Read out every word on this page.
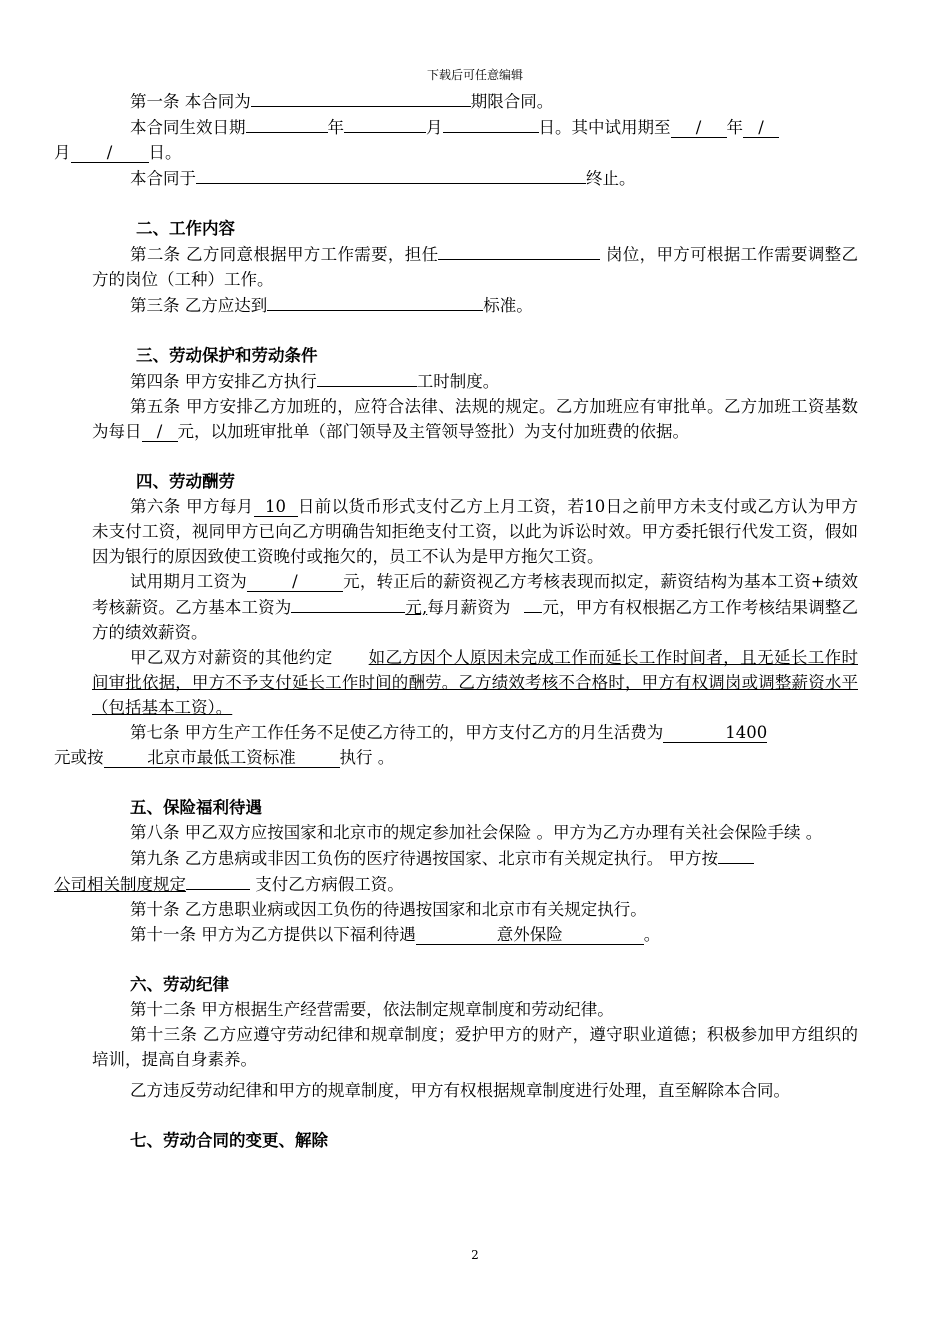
下载后可任意编辑

第一条 本合同为	期限合同。

本合同生效日期	年	月	日。其中试用期至 / 年 /
月 / 日。

本合同于	终止。

二、工作内容

第二条 乙方同意根据甲方工作需要，担任	岗位，甲方可根据工作需要调整乙方的岗位（工种）工作。

第三条 乙方应达到	标准。

三、劳动保护和劳动条件

第四条 甲方安排乙方执行	工时制度。

第五条 甲方安排乙方加班的，应符合法律、法规的规定。乙方加班应有审批单。乙方加班工资基数为每日 / 元，以加班审批单（部门领导及主管领导签批）为支付加班费的依据。

四、劳动酬劳

第六条 甲方每月 10 日前以货币形式支付乙方上月工资，若10日之前甲方未支付或乙方认为甲方未支付工资，视同甲方已向乙方明确告知拒绝支付工资，以此为诉讼时效。甲方委托银行代发工资，假如因为银行的原因致使工资晚付或拖欠的，员工不认为是甲方拖欠工资。

试用期月工资为	/	元，转正后的薪资视乙方考核表现而拟定，薪资结构为基本工资+绩效考核薪资。乙方基本工资为	元,每月薪资为 元，甲方有权根据乙方工作考核结果调整乙方的绩效薪资。

甲乙双方对薪资的其他约定 如乙方因个人原因未完成工作而延长工作时间者，且无延长工作时间审批依据，甲方不予支付延长工作时间的酬劳。乙方绩效考核不合格时，甲方有权调岗或调整薪资水平（包括基本工资）。

第七条 甲方生产工作任务不足使乙方待工的，甲方支付乙方的月生活费为	1400
元或按	北京市最低工资标准	执行 。

五、保险福利待遇

第八条 甲乙双方应按国家和北京市的规定参加社会保险 。甲方为乙方办理有关社会保险手续 。

第九条 乙方患病或非因工负伤的医疗待遇按国家、北京市有关规定执行。 甲方按
公司相关制度规定	支付乙方病假工资。

第十条 乙方患职业病或因工负伤的待遇按国家和北京市有关规定执行。

第十一条 甲方为乙方提供以下福利待遇	意外保险	。

六、劳动纪律

第十二条 甲方根据生产经营需要，依法制定规章制度和劳动纪律。

第十三条 乙方应遵守劳动纪律和规章制度；爱护甲方的财产，遵守职业道德；积极参加甲方组织的培训，提高自身素养。

乙方违反劳动纪律和甲方的规章制度，甲方有权根据规章制度进行处理，直至解除本合同。

七、劳动合同的变更、解除

2
